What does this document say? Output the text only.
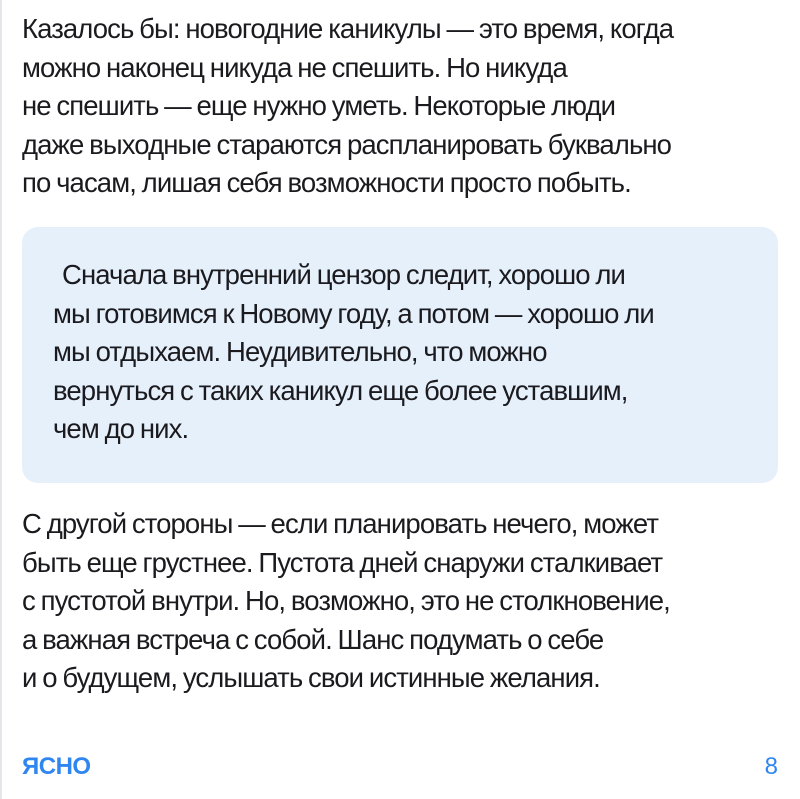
Казалось бы: новогодние каникулы — это время, когда
можно наконец никуда не спешить. Но никуда
не спешить — еще нужно уметь. Некоторые люди
даже выходные стараются распланировать буквально
по часам, лишая себя возможности просто побыть.

Сначала внутренний цензор следит, хорошо ли
мы готовимся к Новому году, а потом — хорошо ли
мы отдыхаем. Неудивительно, что можно
вернуться с таких каникул еще более уставшим,
чем до них.

С другой стороны — если планировать нечего, может
быть еще грустнее. Пустота дней снаружи сталкивает
с пустотой внутри. Но, возможно, это не столкновение,
а важная встреча с собой. Шанс подумать о себе
и о будущем, услышать свои истинные желания.

ЯСНО	8
